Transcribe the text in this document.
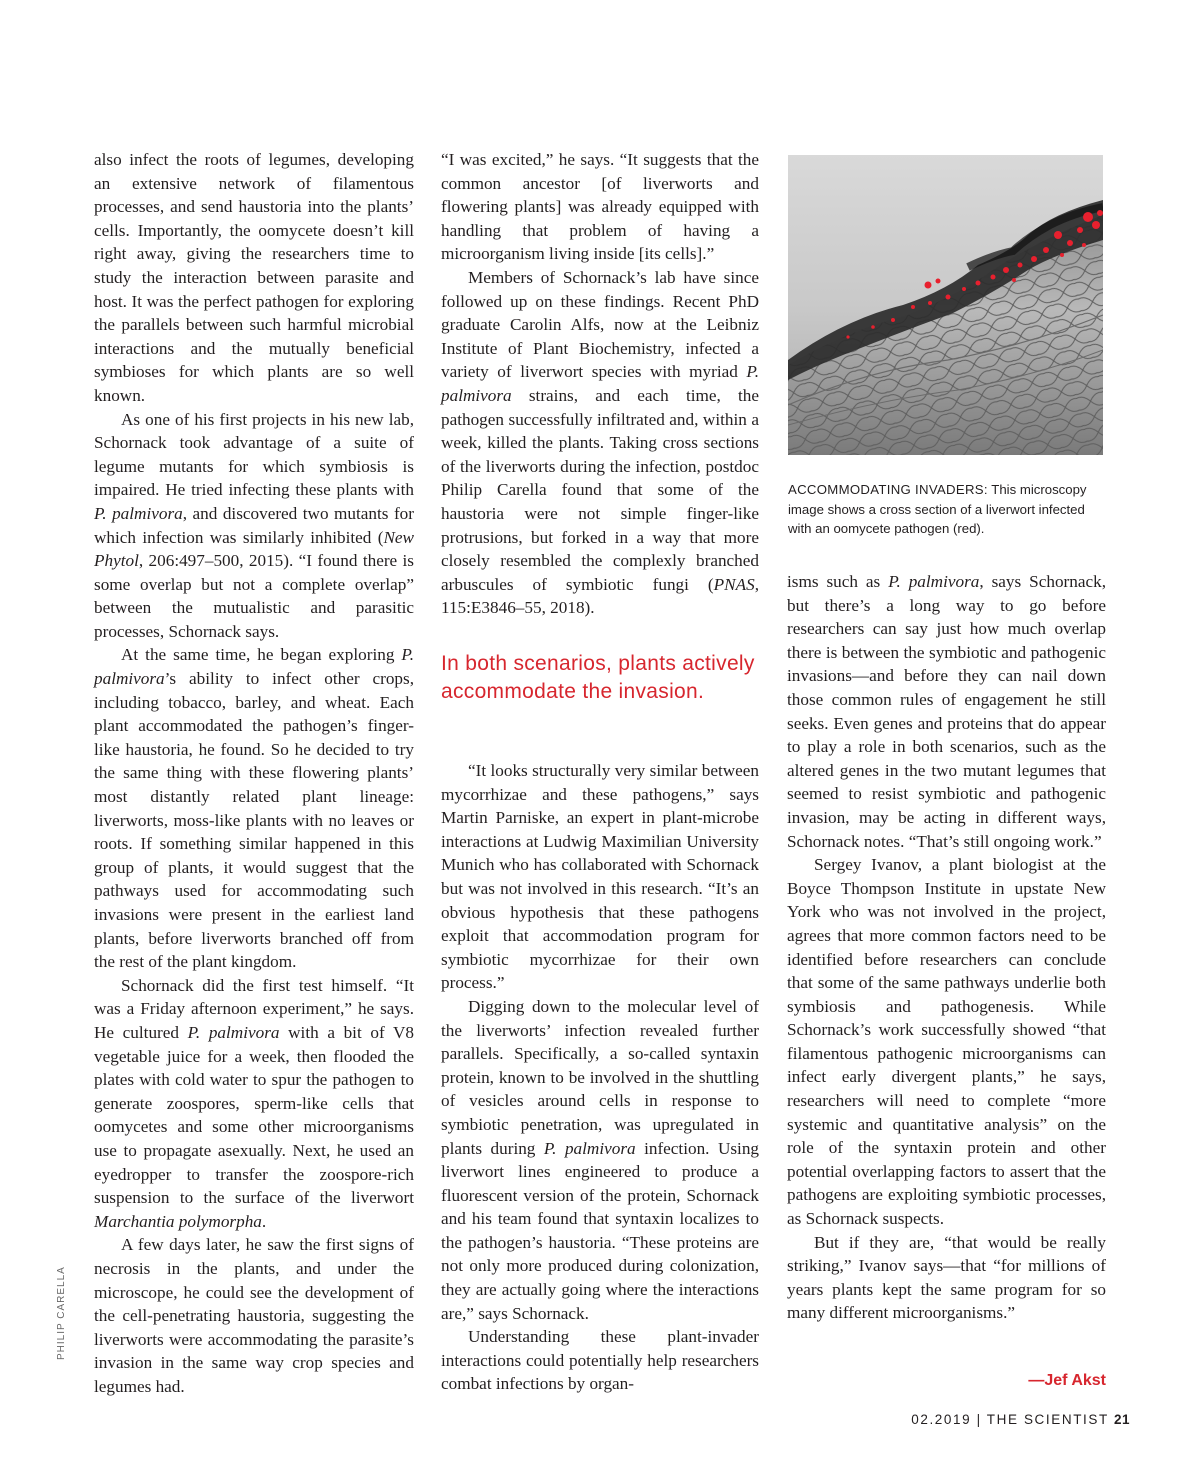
also infect the roots of legumes, developing an extensive network of filamentous processes, and send haustoria into the plants’ cells. Importantly, the oomycete doesn’t kill right away, giving the researchers time to study the interaction between parasite and host. It was the perfect pathogen for exploring the parallels between such harmful microbial interactions and the mutually beneficial symbioses for which plants are so well known.

As one of his first projects in his new lab, Schornack took advantage of a suite of legume mutants for which symbiosis is impaired. He tried infecting these plants with P. palmivora, and discovered two mutants for which infection was similarly inhibited (New Phytol, 206:497–500, 2015). “I found there is some overlap but not a complete overlap” between the mutualistic and parasitic processes, Schornack says.

At the same time, he began exploring P. palmivora’s ability to infect other crops, including tobacco, barley, and wheat. Each plant accommodated the pathogen’s finger-like haustoria, he found. So he decided to try the same thing with these flowering plants’ most distantly related plant lineage: liverworts, moss-like plants with no leaves or roots. If something similar happened in this group of plants, it would suggest that the pathways used for accommodating such invasions were present in the earliest land plants, before liverworts branched off from the rest of the plant kingdom.

Schornack did the first test himself. “It was a Friday afternoon experiment,” he says. He cultured P. palmivora with a bit of V8 vegetable juice for a week, then flooded the plates with cold water to spur the pathogen to generate zoospores, sperm-like cells that oomycetes and some other microorganisms use to propagate asexually. Next, he used an eyedropper to transfer the zoospore-rich suspension to the surface of the liverwort Marchantia polymorpha.

A few days later, he saw the first signs of necrosis in the plants, and under the microscope, he could see the development of the cell-penetrating haustoria, suggesting the liverworts were accommodating the parasite’s invasion in the same way crop species and legumes had.

“I was excited,” he says. “It suggests that the common ancestor [of liverworts and flowering plants] was already equipped with handling that problem of having a microorganism living inside [its cells].”

Members of Schornack’s lab have since followed up on these findings. Recent PhD graduate Carolin Alfs, now at the Leibniz Institute of Plant Biochemistry, infected a variety of liverwort species with myriad P. palmivora strains, and each time, the pathogen successfully infiltrated and, within a week, killed the plants. Taking cross sections of the liverworts during the infection, postdoc Philip Carella found that some of the haustoria were not simple finger-like protrusions, but forked in a way that more closely resembled the complexly branched arbuscules of symbiotic fungi (PNAS, 115:E3846–55, 2018).

In both scenarios, plants actively accommodate the invasion.

“It looks structurally very similar between mycorrhizae and these pathogens,” says Martin Parniske, an expert in plant-microbe interactions at Ludwig Maximilian University Munich who has collaborated with Schornack but was not involved in this research. “It’s an obvious hypothesis that these pathogens exploit that accommodation program for symbiotic mycorrhizae for their own process.”

Digging down to the molecular level of the liverworts’ infection revealed further parallels. Specifically, a so-called syntaxin protein, known to be involved in the shuttling of vesicles around cells in response to symbiotic penetration, was upregulated in plants during P. palmivora infection. Using liverwort lines engineered to produce a fluorescent version of the protein, Schornack and his team found that syntaxin localizes to the pathogen’s haustoria. “These proteins are not only more produced during colonization, they are actually going where the interactions are,” says Schornack.

Understanding these plant-invader interactions could potentially help researchers combat infections by organ-

ACCOMMODATING INVADERS: This microscopy image shows a cross section of a liverwort infected with an oomycete pathogen (red).

isms such as P. palmivora, says Schornack, but there’s a long way to go before researchers can say just how much overlap there is between the symbiotic and pathogenic invasions—and before they can nail down those common rules of engagement he still seeks. Even genes and proteins that do appear to play a role in both scenarios, such as the altered genes in the two mutant legumes that seemed to resist symbiotic and pathogenic invasion, may be acting in different ways, Schornack notes. “That’s still ongoing work.”

Sergey Ivanov, a plant biologist at the Boyce Thompson Institute in upstate New York who was not involved in the project, agrees that more common factors need to be identified before researchers can conclude that some of the same pathways underlie both symbiosis and pathogenesis. While Schornack’s work successfully showed “that filamentous pathogenic microorganisms can infect early divergent plants,” he says, researchers will need to complete “more systemic and quantitative analysis” on the role of the syntaxin protein and other potential overlapping factors to assert that the pathogens are exploiting symbiotic processes, as Schornack suspects.

But if they are, “that would be really striking,” Ivanov says—that “for millions of years plants kept the same program for so many different microorganisms.”

—Jef Akst
PHILIP CARELLA
02.2019 | THE SCIENTIST 21
